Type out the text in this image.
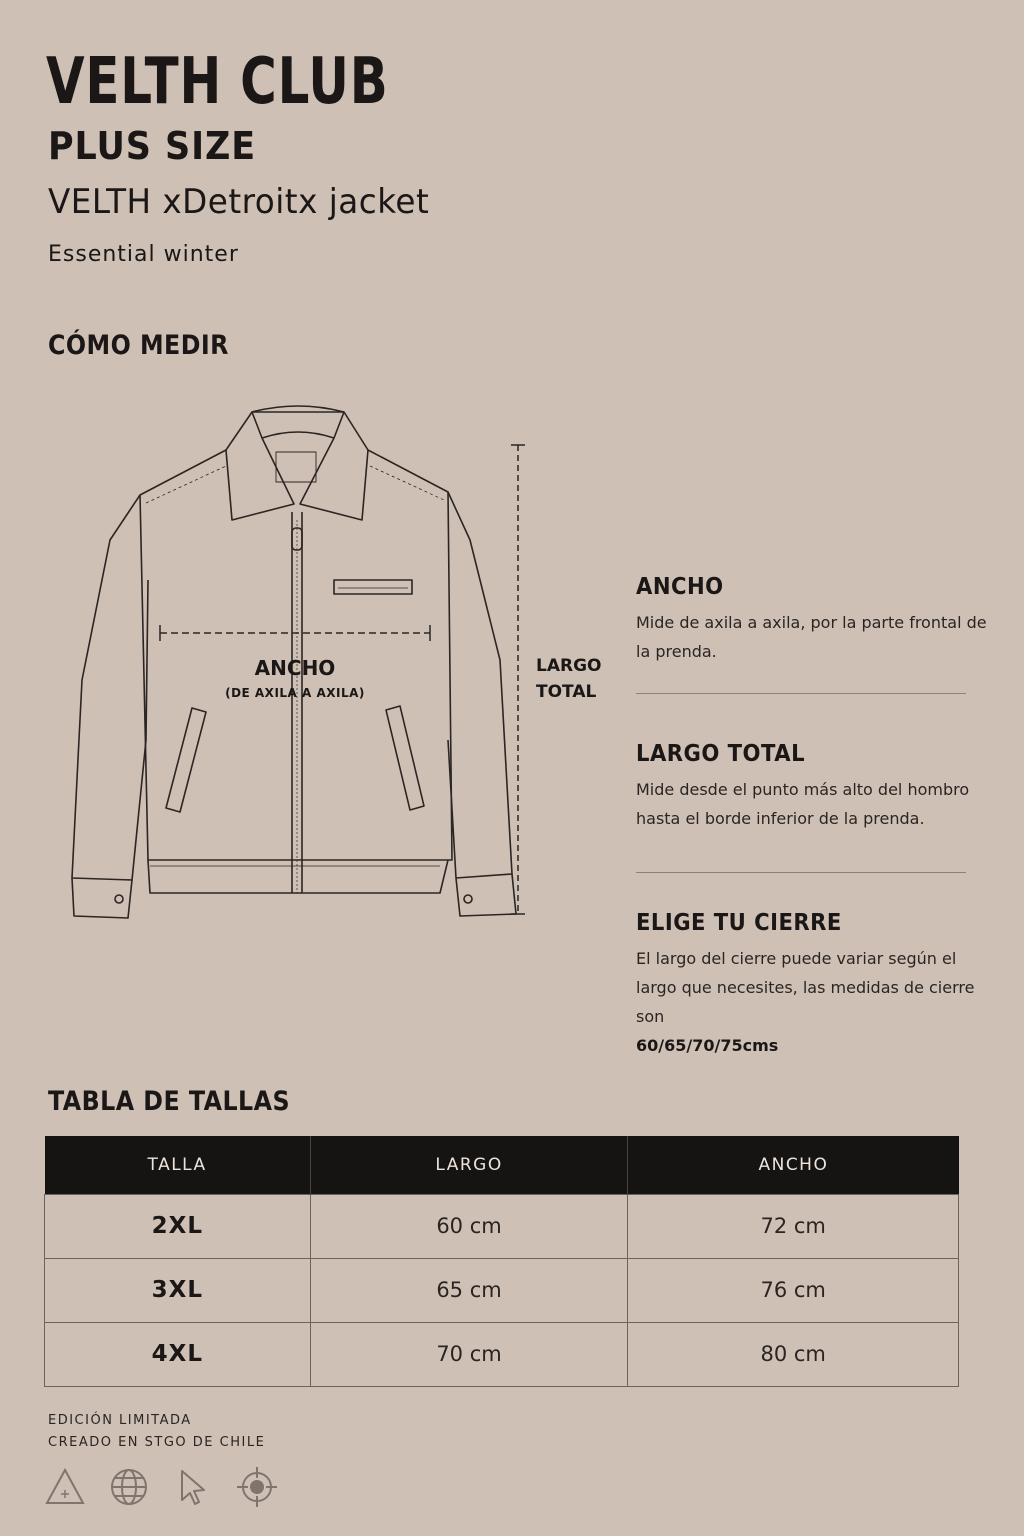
VELTH CLUB
PLUS SIZE
VELTH xDetroitx jacket
Essential winter
CÓMO MEDIR
ANCHO
(DE AXILA A AXILA)
LARGO
TOTAL
ANCHO

Mide de axila a axila, por la parte frontal de la prenda.

LARGO TOTAL

Mide desde el punto más alto del hombro hasta el borde inferior de la prenda.

ELIGE TU CIERRE

El largo del cierre puede variar según el largo que necesites, las medidas de cierre son

60/65/70/75cms

TABLA DE TALLAS
TALLA	LARGO	ANCHO
2XL	60 cm	72 cm
3XL	65 cm	76 cm
4XL	70 cm	80 cm
EDICIÓN LIMITADA
CREADO EN STGO DE CHILE
